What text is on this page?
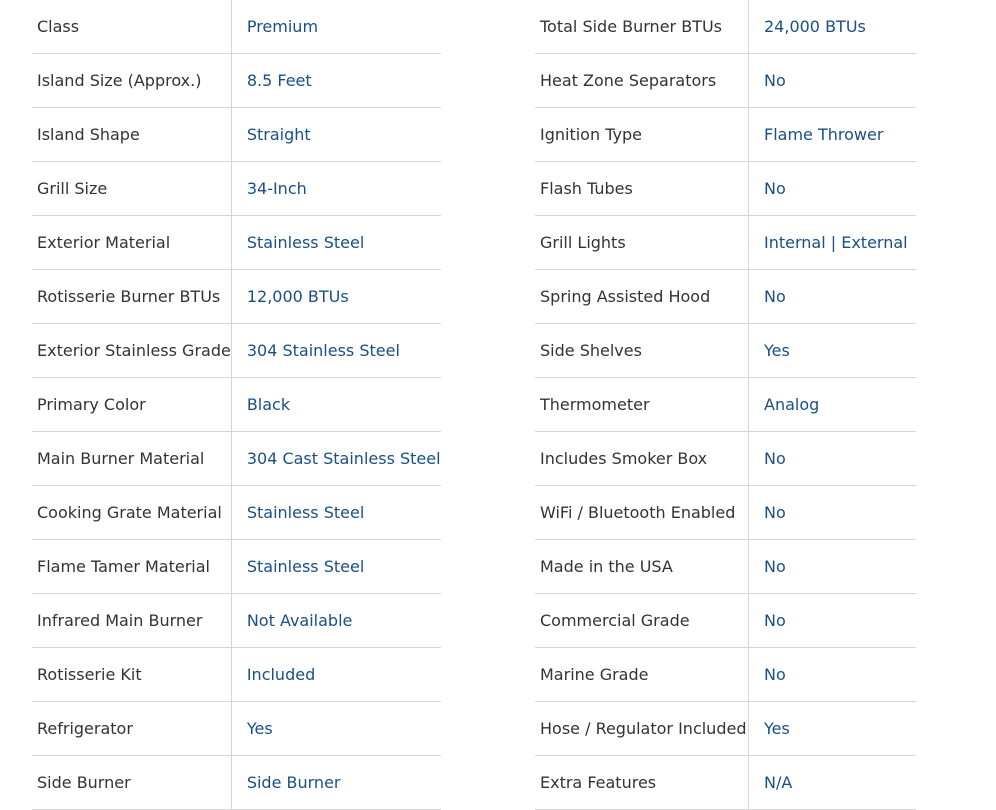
Class	Premium
Island Size (Approx.)	8.5 Feet
Island Shape	Straight
Grill Size	34-Inch
Exterior Material	Stainless Steel
Rotisserie Burner BTUs	12,000 BTUs
Exterior Stainless Grade	304 Stainless Steel
Primary Color	Black
Main Burner Material	304 Cast Stainless Steel
Cooking Grate Material	Stainless Steel
Flame Tamer Material	Stainless Steel
Infrared Main Burner	Not Available
Rotisserie Kit	Included
Refrigerator	Yes
Side Burner	Side Burner
Total Side Burner BTUs	24,000 BTUs
Heat Zone Separators	No
Ignition Type	Flame Thrower
Flash Tubes	No
Grill Lights	Internal | External
Spring Assisted Hood	No
Side Shelves	Yes
Thermometer	Analog
Includes Smoker Box	No
WiFi / Bluetooth Enabled	No
Made in the USA	No
Commercial Grade	No
Marine Grade	No
Hose / Regulator Included	Yes
Extra Features	N/A
